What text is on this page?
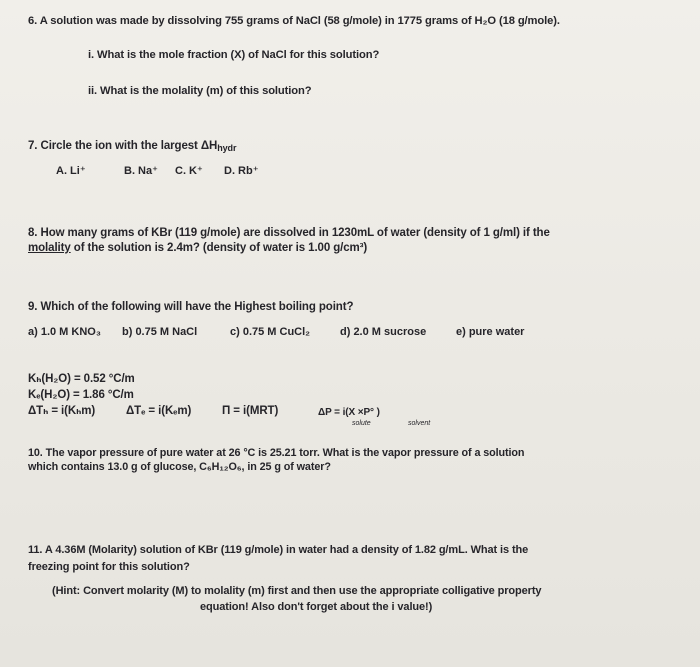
6. A solution was made by dissolving 755 grams of NaCl (58 g/mole) in 1775 grams of H₂O (18 g/mole).
i. What is the mole fraction (X) of NaCl for this solution?
ii. What is the molality (m) of this solution?
7. Circle the ion with the largest $\Delta H_{hydr}$
A. Li⁺	B. Na⁺ C. K⁺ D. Rb⁺
8. How many grams of KBr (119 g/mole) are dissolved in 1230mL of water (density of 1 g/ml) if the
molality of the solution is 2.4m? (density of water is 1.00 g/cm³)
9. Which of the following will have the Highest boiling point?
a) 1.0 M KNO₃ b) 0.75 M NaCl	c) 0.75 M CuCl₂	d) 2.0 M sucrose	e) pure water
Kₕ(H₂O) = 0.52 °C/m
Kₑ(H₂O) = 1.86 °C/m
ΔTₕ = i(Kₕm)	ΔTₑ = i(Kₑm)	Π = i(MRT)	ΔP = i(X ×P° )
solute	solvent
10. The vapor pressure of pure water at 26 °C is 25.21 torr. What is the vapor pressure of a solution
which contains 13.0 g of glucose, C₆H₁₂O₆, in 25 g of water?
11. A 4.36M (Molarity) solution of KBr (119 g/mole) in water had a density of 1.82 g/mL. What is the
freezing point for this solution?
(Hint: Convert molarity (M) to molality (m) first and then use the appropriate colligative property
equation! Also don't forget about the i value!)
